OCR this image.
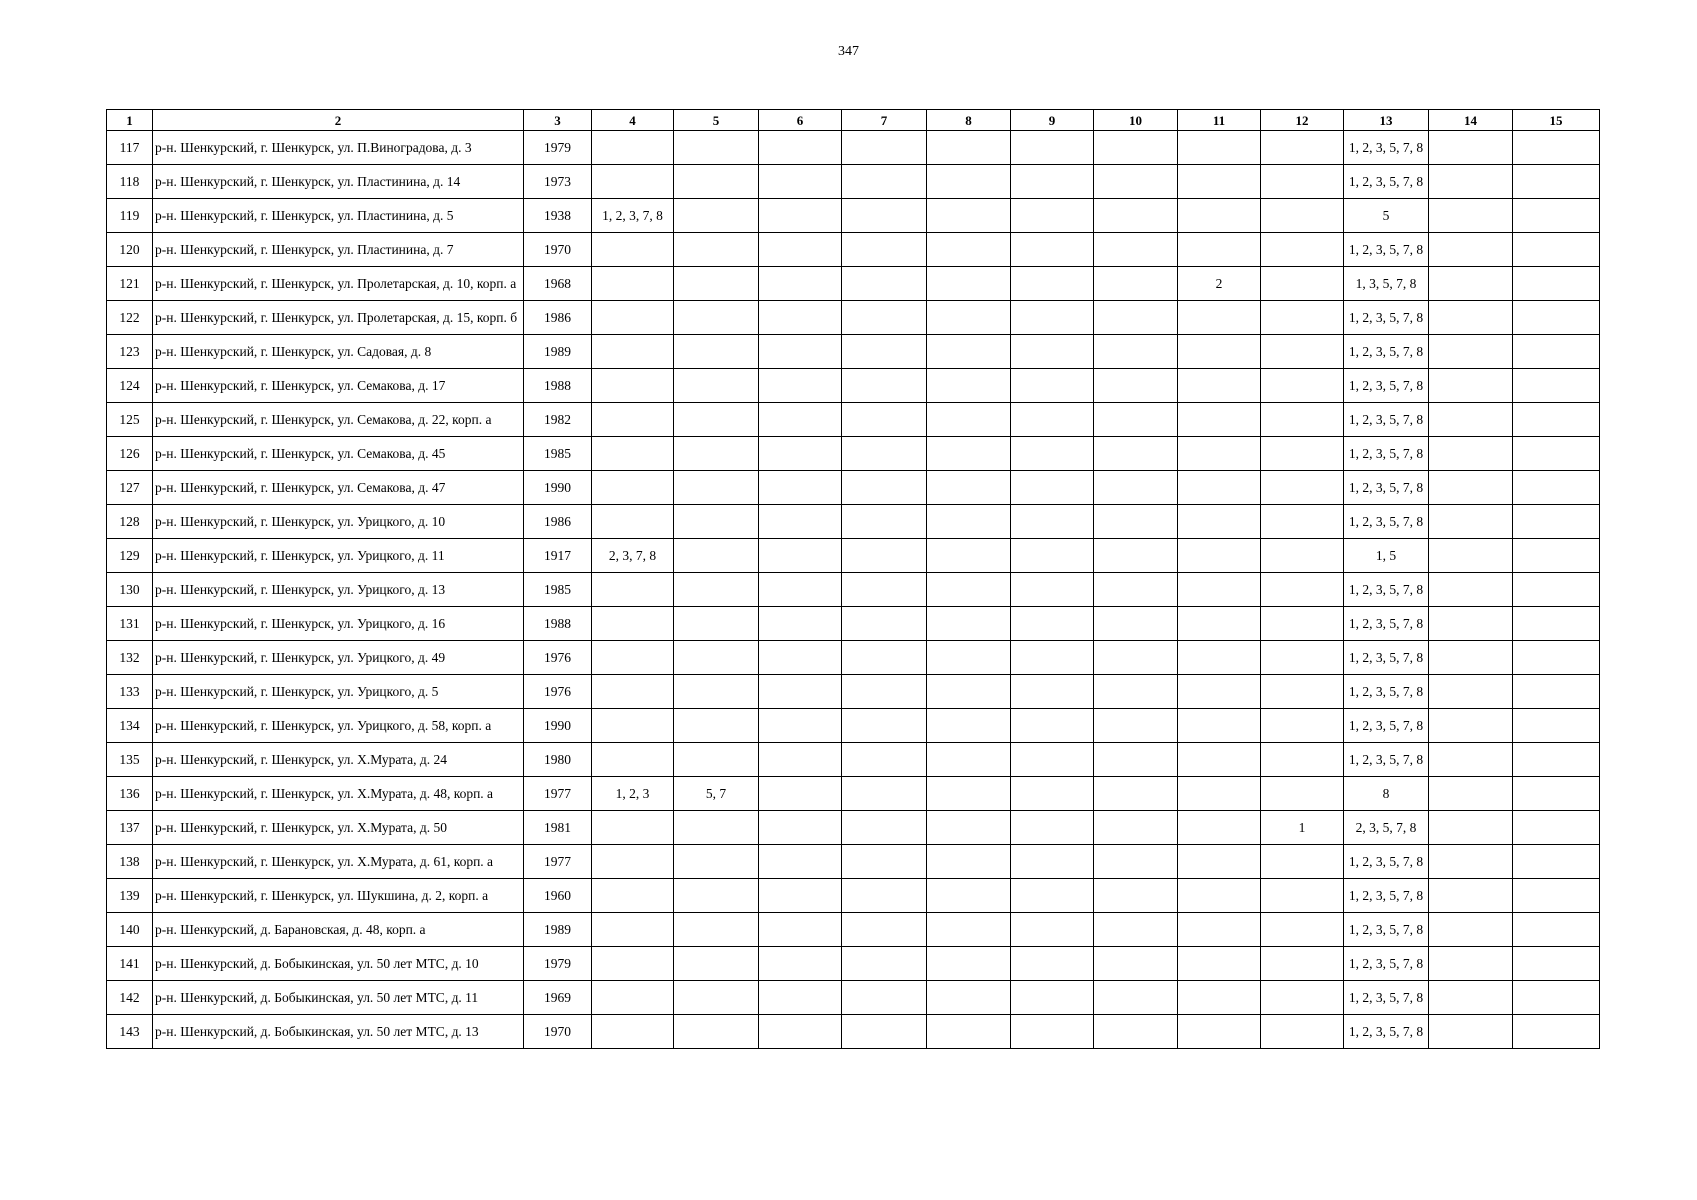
347
1	2	3	4	5	6	7	8	9	10	11	12	13	14	15
117	р-н. Шенкурский, г. Шенкурск, ул. П.Виноградова, д. 3	1979										1, 2, 3, 5, 7, 8		
118	р-н. Шенкурский, г. Шенкурск, ул. Пластинина, д. 14	1973										1, 2, 3, 5, 7, 8		
119	р-н. Шенкурский, г. Шенкурск, ул. Пластинина, д. 5	1938	1, 2, 3, 7, 8									5		
120	р-н. Шенкурский, г. Шенкурск, ул. Пластинина, д. 7	1970										1, 2, 3, 5, 7, 8		
121	р-н. Шенкурский, г. Шенкурск, ул. Пролетарская, д. 10, корп. а	1968								2		1, 3, 5, 7, 8		
122	р-н. Шенкурский, г. Шенкурск, ул. Пролетарская, д. 15, корп. б	1986										1, 2, 3, 5, 7, 8		
123	р-н. Шенкурский, г. Шенкурск, ул. Садовая, д. 8	1989										1, 2, 3, 5, 7, 8		
124	р-н. Шенкурский, г. Шенкурск, ул. Семакова, д. 17	1988										1, 2, 3, 5, 7, 8		
125	р-н. Шенкурский, г. Шенкурск, ул. Семакова, д. 22, корп. а	1982										1, 2, 3, 5, 7, 8		
126	р-н. Шенкурский, г. Шенкурск, ул. Семакова, д. 45	1985										1, 2, 3, 5, 7, 8		
127	р-н. Шенкурский, г. Шенкурск, ул. Семакова, д. 47	1990										1, 2, 3, 5, 7, 8		
128	р-н. Шенкурский, г. Шенкурск, ул. Урицкого, д. 10	1986										1, 2, 3, 5, 7, 8		
129	р-н. Шенкурский, г. Шенкурск, ул. Урицкого, д. 11	1917	2, 3, 7, 8									1, 5		
130	р-н. Шенкурский, г. Шенкурск, ул. Урицкого, д. 13	1985										1, 2, 3, 5, 7, 8		
131	р-н. Шенкурский, г. Шенкурск, ул. Урицкого, д. 16	1988										1, 2, 3, 5, 7, 8		
132	р-н. Шенкурский, г. Шенкурск, ул. Урицкого, д. 49	1976										1, 2, 3, 5, 7, 8		
133	р-н. Шенкурский, г. Шенкурск, ул. Урицкого, д. 5	1976										1, 2, 3, 5, 7, 8		
134	р-н. Шенкурский, г. Шенкурск, ул. Урицкого, д. 58, корп. а	1990										1, 2, 3, 5, 7, 8		
135	р-н. Шенкурский, г. Шенкурск, ул. Х.Мурата, д. 24	1980										1, 2, 3, 5, 7, 8		
136	р-н. Шенкурский, г. Шенкурск, ул. Х.Мурата, д. 48, корп. а	1977	1, 2, 3	5, 7								8		
137	р-н. Шенкурский, г. Шенкурск, ул. Х.Мурата, д. 50	1981									1	2, 3, 5, 7, 8		
138	р-н. Шенкурский, г. Шенкурск, ул. Х.Мурата, д. 61, корп. а	1977										1, 2, 3, 5, 7, 8		
139	р-н. Шенкурский, г. Шенкурск, ул. Шукшина, д. 2, корп. а	1960										1, 2, 3, 5, 7, 8		
140	р-н. Шенкурский, д. Барановская, д. 48, корп. а	1989										1, 2, 3, 5, 7, 8		
141	р-н. Шенкурский, д. Бобыкинская, ул. 50 лет МТС, д. 10	1979										1, 2, 3, 5, 7, 8		
142	р-н. Шенкурский, д. Бобыкинская, ул. 50 лет МТС, д. 11	1969										1, 2, 3, 5, 7, 8		
143	р-н. Шенкурский, д. Бобыкинская, ул. 50 лет МТС, д. 13	1970										1, 2, 3, 5, 7, 8		
